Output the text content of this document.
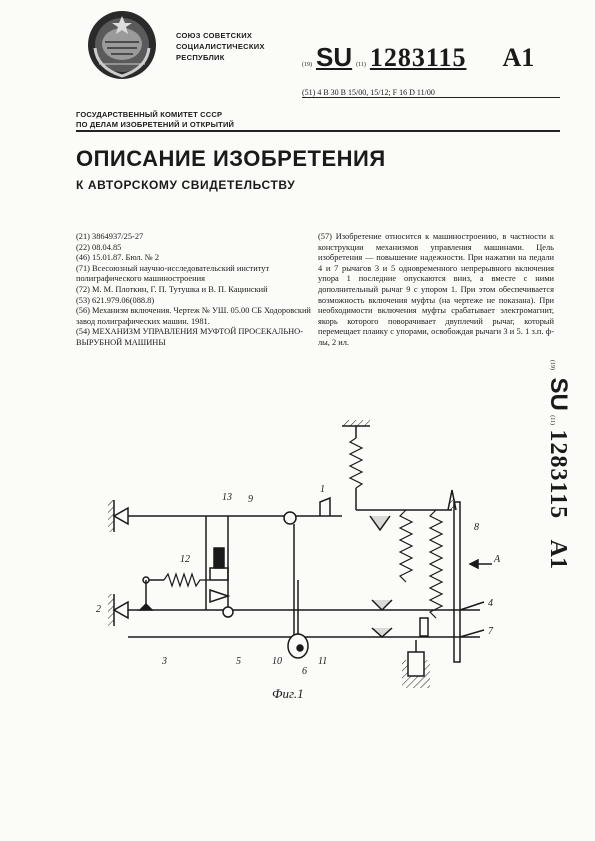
СОЮЗ СОВЕТСКИХ
СОЦИАЛИСТИЧЕСКИХ
РЕСПУБЛИК
(19) SU (11) 1283115 А1
(51) 4 В 30 В 15/00, 15/12; F 16 D 11/00
ГОСУДАРСТВЕННЫЙ КОМИТЕТ СССР
ПО ДЕЛАМ ИЗОБРЕТЕНИЙ И ОТКРЫТИЙ
ОПИСАНИЕ ИЗОБРЕТЕНИЯ
К АВТОРСКОМУ СВИДЕТЕЛЬСТВУ
(21) 3864937/25-27
(22) 08.04.85
(46) 15.01.87. Бюл. № 2
(71) Всесоюзный научно-исследовательский институт полиграфического машиностроения
(72) М. М. Плоткин, Г. П. Тутушка и В. П. Кацинский
(53) 621.979.06(088.8)
(56) Механизм включения. Чертеж № УШ. 05.00 СБ Ходоровский завод полиграфических машин. 1981.
(54) МЕХАНИЗМ УПРАВЛЕНИЯ МУФТОЙ ПРОСЕКАЛЬНО-ВЫРУБНОЙ МАШИНЫ
(57) Изобретение относится к машиностроению, в частности к конструкции механизмов управления машинами. Цель изобретения — повышение надежности. При нажатии на педали 4 и 7 рычагов 3 и 5 одновременного непрерывного включения упора 1 последние опускаются вниз, а вместе с ними дополнительный рычаг 9 с упором 1. При этом обеспечивается возможность включения муфты (на чертеже не показана). При необходимости включения муфты срабатывает электромагнит, якорь которого поворачивает двуплечий рычаг, который перемещает планку с упорами, освобождая рычаги 3 и 5. 1 з.п. ф-лы, 2 ил.
(19) SU (11) 1283115 А1
1
2
3
4
5
6
7
8
9
10	11
12
13
A
Фиг.1
